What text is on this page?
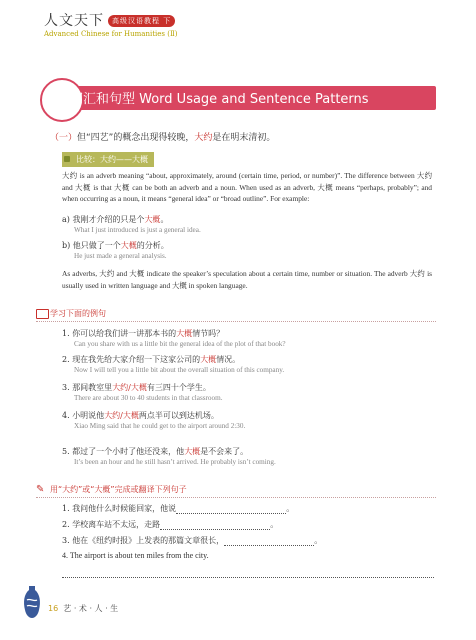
人文天下 高级汉语教程 下
Advanced Chinese for Humanities (Ⅱ)
词汇和句型 Word Usage and Sentence Patterns
（一）但“四艺”的概念出现得较晚，大约是在明末清初。
比较：大约——大概
大约 is an adverb meaning “about, approximately, around (certain time, period, or number)”. The difference between 大约 and 大概 is that 大概 can be both an adverb and a noun. When used as an adverb, 大概 means “perhaps, probably”; and when occurring as a noun, it means “general idea” or “broad outline”. For example:
a) 我刚才介绍的只是个大概。
What I just introduced is just a general idea.
b) 他只做了一个大概的分析。
He just made a general analysis.
As adverbs, 大约 and 大概 indicate the speaker’s speculation about a certain time, number or situation. The adverb 大约 is usually used in written language and 大概 in spoken language.
学习下面的例句
1. 你可以给我们讲一讲那本书的大概情节吗？
Can you share with us a little bit the general idea of the plot of that book?
2. 现在我先给大家介绍一下这家公司的大概情况。
Now I will tell you a little bit about the overall situation of this company.
3. 那间教室里大约/大概有三四十个学生。
There are about 30 to 40 students in that classroom.
4. 小明说他大约/大概两点半可以到达机场。
Xiao Ming said that he could get to the airport around 2:30.
5. 都过了一个小时了他还没来，他大概是不会来了。
It’s been an hour and he still hasn’t arrived. He probably isn’t coming.
✎ 用“大约”或“大概”完成或翻译下列句子
1. 我问他什么时候能回家，他说	。
2. 学校离车站不太远，走路	。
3. 他在《纽约时报》上发表的那篇文章很长，	。
4. The airport is about ten miles from the city.
16 艺 · 术 · 人 · 生
